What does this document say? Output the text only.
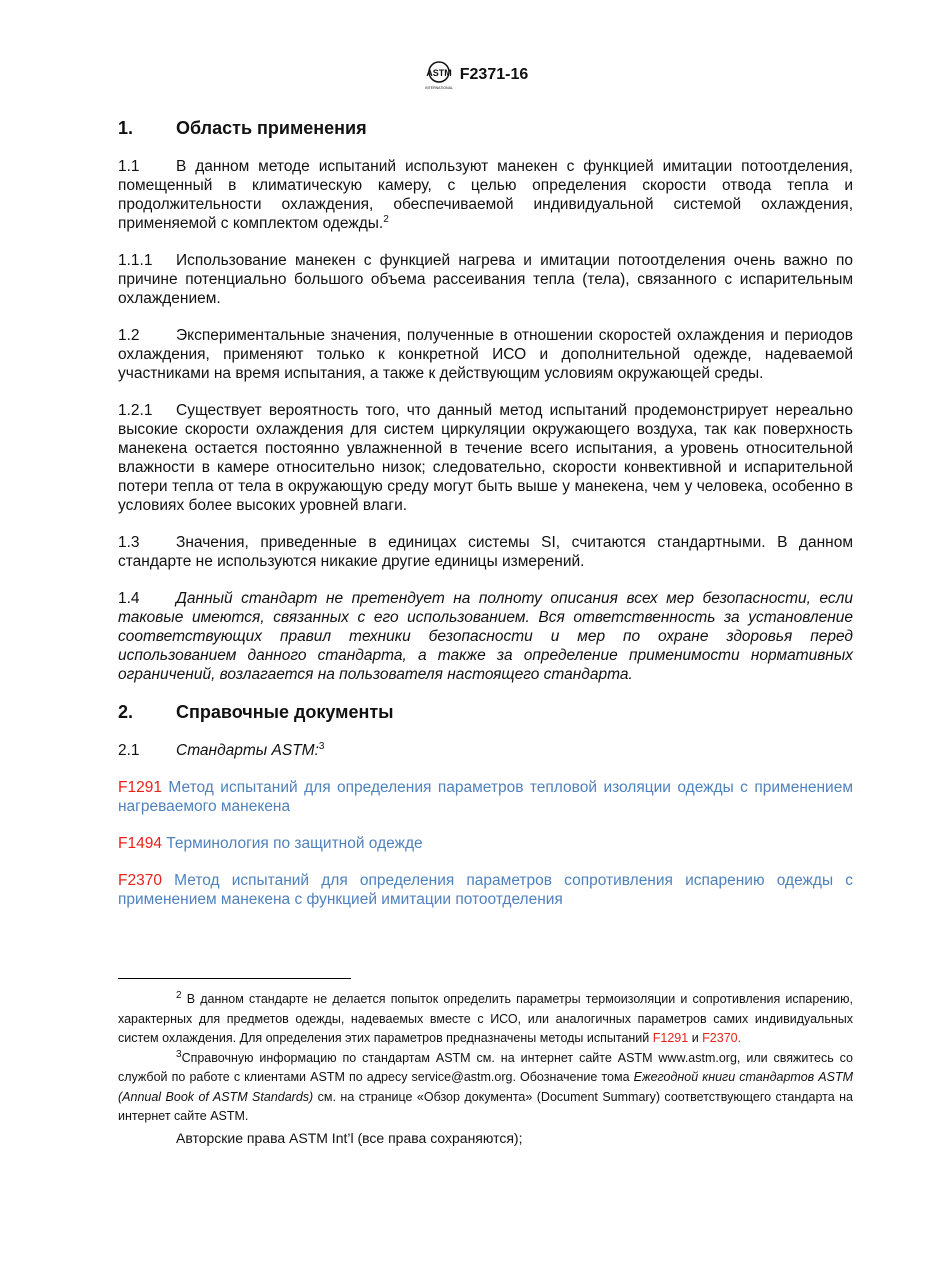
ASTM
INTERNATIONAL
F2371-16
1.	Область применения

1.1 В данном методе испытаний используют манекен с функцией имитации потоотделения, помещенный в климатическую камеру, с целью определения скорости отвода тепла и продолжительности охлаждения, обеспечиваемой индивидуальной системой охлаждения, применяемой с комплектом одежды.$^2$

1.1.1 Использование манекен с функцией нагрева и имитации потоотделения очень важно по причине потенциально большого объема рассеивания тепла (тела), связанного с испарительным охлаждением.

1.2 Экспериментальные значения, полученные в отношении скоростей охлаждения и периодов охлаждения, применяют только к конкретной ИСО и дополнительной одежде, надеваемой участниками на время испытания, а также к действующим условиям окружающей среды.

1.2.1 Существует вероятность того, что данный метод испытаний продемонстрирует нереально высокие скорости охлаждения для систем циркуляции окружающего воздуха, так как поверхность манекена остается постоянно увлажненной в течение всего испытания, а уровень относительной влажности в камере относительно низок; следовательно, скорости конвективной и испарительной потери тепла от тела в окружающую среду могут быть выше у манекена, чем у человека, особенно в условиях более высоких уровней влаги.

1.3 Значения, приведенные в единицах системы SI, считаются стандартными. В данном стандарте не используются никакие другие единицы измерений.

1.4 Данный стандарт не претендует на полноту описания всех мер безопасности, если таковые имеются, связанных с его использованием. Вся ответственность за установление соответствующих правил техники безопасности и мер по охране здоровья перед использованием данного стандарта, а также за определение применимости нормативных ограничений, возлагается на пользователя настоящего стандарта.

2.	Справочные документы

2.1 Стандарты ASTM:$^3$

F1291 Метод испытаний для определения параметров тепловой изоляции одежды с применением нагреваемого манекена

F1494 Терминология по защитной одежде

F2370 Метод испытаний для определения параметров сопротивления испарению одежды с применением манекена с функцией имитации потоотделения

$^2$ В данном стандарте не делается попыток определить параметры термоизоляции и сопротивления испарению, характерных для предметов одежды, надеваемых вместе с ИСО, или аналогичных параметров самих индивидуальных систем охлаждения. Для определения этих параметров предназначены методы испытаний F1291 и F2370.

$^3$Справочную информацию по стандартам ASTM см. на интернет сайте ASTM www.astm.org, или свяжитесь со службой по работе с клиентами ASTM по адресу service@astm.org. Обозначение тома Ежегодной книги стандартов ASTM (Annual Book of ASTM Standards) см. на странице «Обзор документа» (Document Summary) соответствующего стандарта на интернет сайте ASTM.

Авторские права ASTM Int’l (все права сохраняются);
